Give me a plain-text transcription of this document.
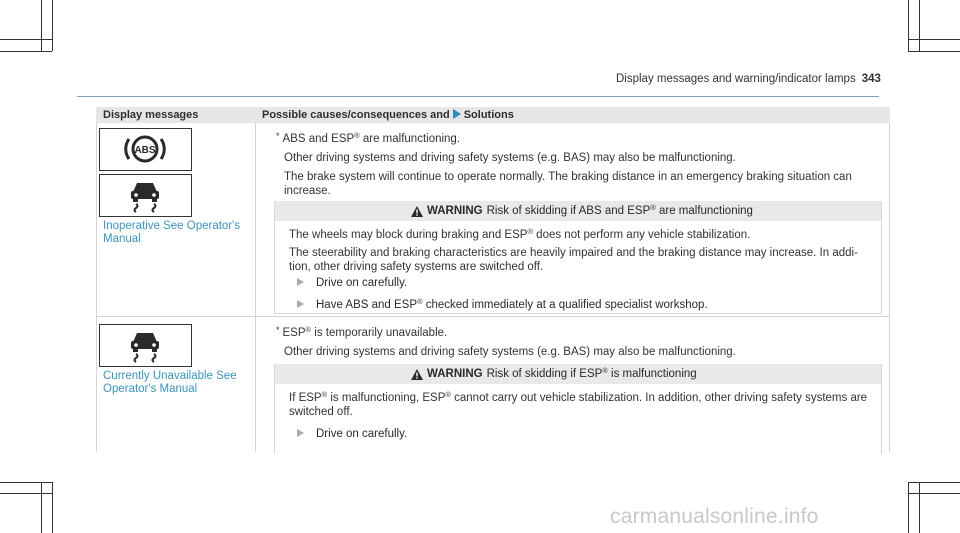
Display messages and warning/indicator lamps 343
Display messages	Possible causes/consequences and Solutions
ABS
Inoperative See Operator's Manual

* ABS and ESP® are malfunctioning.

Other driving systems and driving safety systems (e.g. BAS) may also be malfunctioning.

The brake system will continue to operate normally. The braking distance in an emergency braking situation can increase.

WARNING Risk of skidding if ABS and ESP® are malfunctioning

The wheels may block during braking and ESP® does not perform any vehicle stabilization.

The steerability and braking characteristics are heavily impaired and the braking distance may increase. In addition, other driving safety systems are switched off.

Drive on carefully.
Have ABS and ESP® checked immediately at a qualified specialist workshop.
Currently Unavailable See Operator's Manual

* ESP® is temporarily unavailable.

Other driving systems and driving safety systems (e.g. BAS) may also be malfunctioning.

WARNING Risk of skidding if ESP® is malfunctioning

If ESP® is malfunctioning, ESP® cannot carry out vehicle stabilization. In addition, other driving safety systems are switched off.

Drive on carefully.
carmanualsonline.info
